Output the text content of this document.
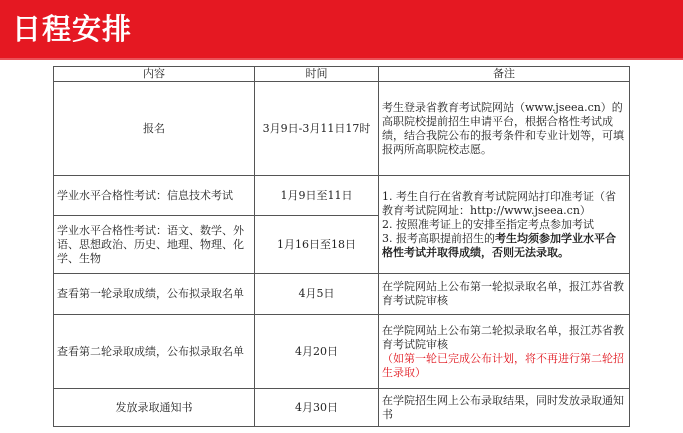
日程安排
内容	时间	备注
报名	3月9日-3月11日17时	考生登录省教育考试院网站（www.jseea.cn）的高职院校提前招生申请平台，根据合格性考试成绩，结合我院公布的报考条件和专业计划等，可填报两所高职院校志愿。
学业水平合格性考试：信息技术考试	1月9日至11日	1. 考生自行在省教育考试院网站打印准考证（省教育考试院网址：http://www.jseea.cn）
2. 按照准考证上的安排至指定考点参加考试
3. 报考高职提前招生的考生均须参加学业水平合格性考试并取得成绩，否则无法录取。

学业水平合格性考试：语文、数学、外语、思想政治、历史、地理、物理、化学、生物	1月16日至18日	
查看第一轮录取成绩，公布拟录取名单	4月5日	在学院网站上公布第一轮拟录取名单，报江苏省教育考试院审核
查看第二轮录取成绩，公布拟录取名单	4月20日	在学院网站上公布第二轮拟录取名单，报江苏省教育考试院审核
（如第一轮已完成公布计划，将不再进行第二轮招生录取）

发放录取通知书	4月30日	在学院招生网上公布录取结果，同时发放录取通知书
